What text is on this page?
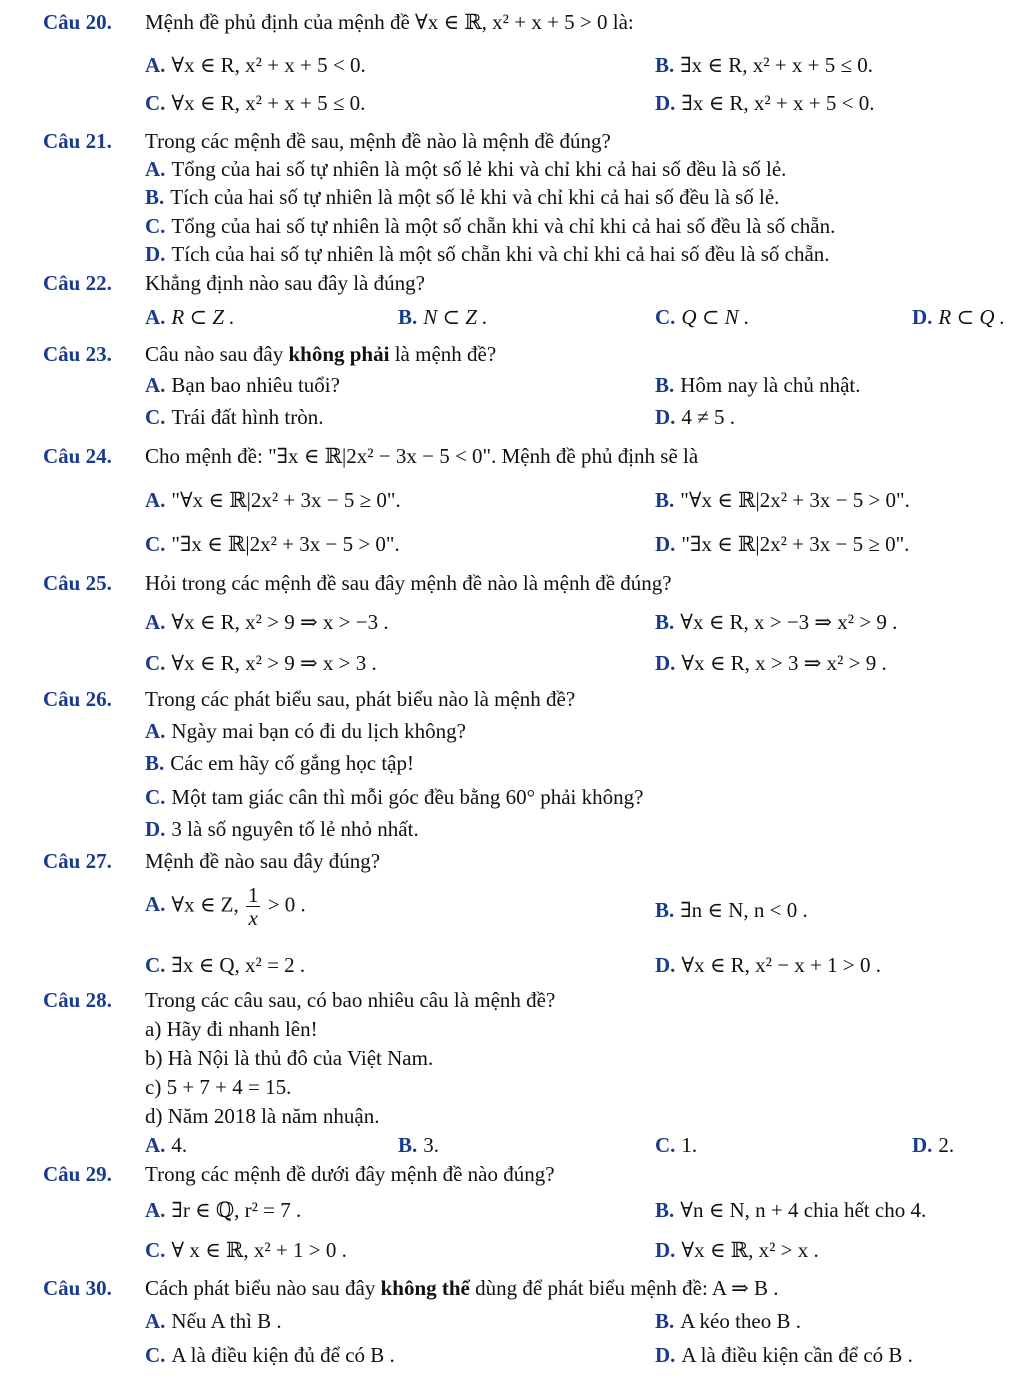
Câu 20. Mệnh đề phủ định của mệnh đề ∀x ∈ ℝ, x² + x + 5 > 0 là:
A. ∀x ∈ R, x² + x + 5 < 0.	B. ∃x ∈ R, x² + x + 5 ≤ 0.
C. ∀x ∈ R, x² + x + 5 ≤ 0.	D. ∃x ∈ R, x² + x + 5 < 0.
Câu 21. Trong các mệnh đề sau, mệnh đề nào là mệnh đề đúng?
A. Tổng của hai số tự nhiên là một số lẻ khi và chỉ khi cả hai số đều là số lẻ.
B. Tích của hai số tự nhiên là một số lẻ khi và chỉ khi cả hai số đều là số lẻ.
C. Tổng của hai số tự nhiên là một số chẵn khi và chỉ khi cả hai số đều là số chẵn.
D. Tích của hai số tự nhiên là một số chẵn khi và chỉ khi cả hai số đều là số chẵn.
Câu 22. Khẳng định nào sau đây là đúng?
A. R ⊂ Z .	B. N ⊂ Z .	C. Q ⊂ N .	D. R ⊂ Q .
Câu 23. Câu nào sau đây không phải là mệnh đề?
A. Bạn bao nhiêu tuổi?	B. Hôm nay là chủ nhật.
C. Trái đất hình tròn.	D. 4 ≠ 5 .
Câu 24. Cho mệnh đề: "∃x ∈ ℝ|2x² − 3x − 5 < 0". Mệnh đề phủ định sẽ là
A. "∀x ∈ ℝ|2x² + 3x − 5 ≥ 0".	B. "∀x ∈ ℝ|2x² + 3x − 5 > 0".
C. "∃x ∈ ℝ|2x² + 3x − 5 > 0".	D. "∃x ∈ ℝ|2x² + 3x − 5 ≥ 0".
Câu 25. Hỏi trong các mệnh đề sau đây mệnh đề nào là mệnh đề đúng?
A. ∀x ∈ R, x² > 9 ⇒ x > −3 .	B. ∀x ∈ R, x > −3 ⇒ x² > 9 .
C. ∀x ∈ R, x² > 9 ⇒ x > 3 .	D. ∀x ∈ R, x > 3 ⇒ x² > 9 .
Câu 26. Trong các phát biểu sau, phát biểu nào là mệnh đề?
A. Ngày mai bạn có đi du lịch không?
B. Các em hãy cố gắng học tập!
C. Một tam giác cân thì mỗi góc đều bằng 60° phải không?
D. 3 là số nguyên tố lẻ nhỏ nhất.
Câu 27. Mệnh đề nào sau đây đúng?
A. ∀x ∈ Z, $\frac{1}{x} > 0$ .	B. ∃n ∈ N, n < 0 .
C. ∃x ∈ Q, x² = 2 .	D. ∀x ∈ R, x² − x + 1 > 0 .
Câu 28. Trong các câu sau, có bao nhiêu câu là mệnh đề?
a) Hãy đi nhanh lên!
b) Hà Nội là thủ đô của Việt Nam.
c) 5 + 7 + 4 = 15.
d) Năm 2018 là năm nhuận.
A. 4.	B. 3.	C. 1.	D. 2.
Câu 29. Trong các mệnh đề dưới đây mệnh đề nào đúng?
A. ∃r ∈ ℚ, r² = 7 .	B. ∀n ∈ N, n + 4 chia hết cho 4.
C. ∀ x ∈ ℝ, x² + 1 > 0 .	D. ∀x ∈ ℝ, x² > x .
Câu 30. Cách phát biểu nào sau đây không thể dùng để phát biểu mệnh đề: A ⇒ B .
A. Nếu A thì B .	B. A kéo theo B .
C. A là điều kiện đủ để có B .	D. A là điều kiện cần để có B .
